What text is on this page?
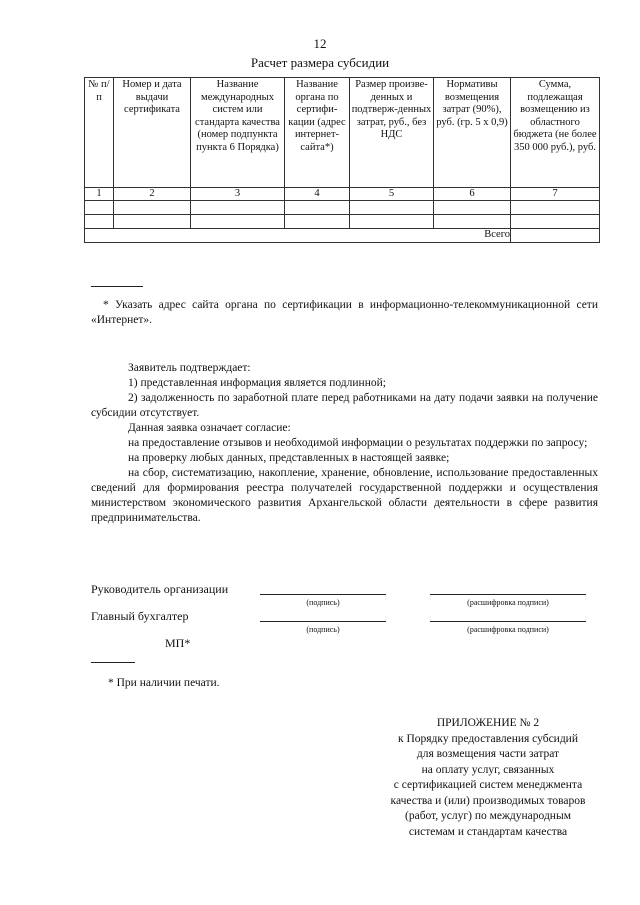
12
Расчет размера субсидии
№ п/п	Номер и дата выдачи сертификата	Название международных систем или стандарта качества (номер подпункта пункта 6 Порядка)	Название органа по сертифи-кации (адрес интернет-сайта*)	Размер произве-денных и подтверж-денных затрат, руб., без НДС	Нормативы возмещения затрат (90%), руб. (гр. 5 х 0,9)	Сумма, подлежащая возмещению из областного бюджета (не более 350 000 руб.), руб.
1	2	3	4	5	6	7

Всего						
* Указать адрес сайта органа по сертификации в информационно-телекоммуникационной сети «Интернет».
Заявитель подтверждает:
1) представленная информация является подлинной;
2) задолженность по заработной плате перед работниками на дату подачи заявки на получение субсидии отсутствует.
Данная заявка означает согласие:
на предоставление отзывов и необходимой информации о результатах поддержки по запросу;
на проверку любых данных, представленных в настоящей заявке;
на сбор, систематизацию, накопление, хранение, обновление, использование предоставленных сведений для формирования реестра получателей государственной поддержки и осуществления министерством экономического развития Архангельской области деятельности в сфере развития предпринимательства.
Руководитель организации
(подпись)	(расшифровка подписи)
Главный бухгалтер
(подпись)	(расшифровка подписи)
МП*
* При наличии печати.
ПРИЛОЖЕНИЕ № 2
к Порядку предоставления субсидий
для возмещения части затрат
на оплату услуг, связанных
с сертификацией систем менеджмента
качества и (или) производимых товаров
(работ, услуг) по международным
системам и стандартам качества
